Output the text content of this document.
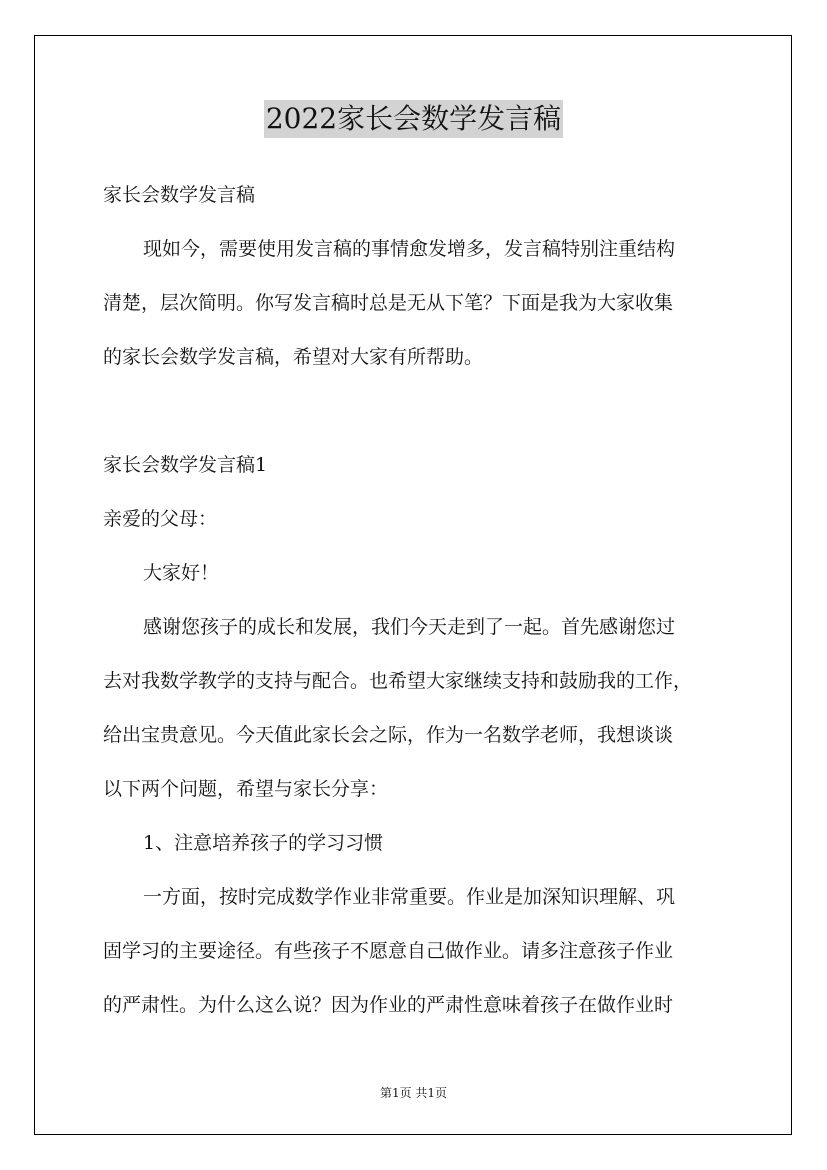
2022家长会数学发言稿
家长会数学发言稿
现如今，需要使用发言稿的事情愈发增多，发言稿特别注重结构
清楚，层次简明。你写发言稿时总是无从下笔？下面是我为大家收集
的家长会数学发言稿，希望对大家有所帮助。
家长会数学发言稿1
亲爱的父母：
大家好！
感谢您孩子的成长和发展，我们今天走到了一起。首先感谢您过
去对我数学教学的支持与配合。也希望大家继续支持和鼓励我的工作，
给出宝贵意见。今天值此家长会之际，作为一名数学老师，我想谈谈
以下两个问题，希望与家长分享：
1、注意培养孩子的学习习惯
一方面，按时完成数学作业非常重要。作业是加深知识理解、巩
固学习的主要途径。有些孩子不愿意自己做作业。请多注意孩子作业
的严肃性。为什么这么说？因为作业的严肃性意味着孩子在做作业时
第1页 共1页
